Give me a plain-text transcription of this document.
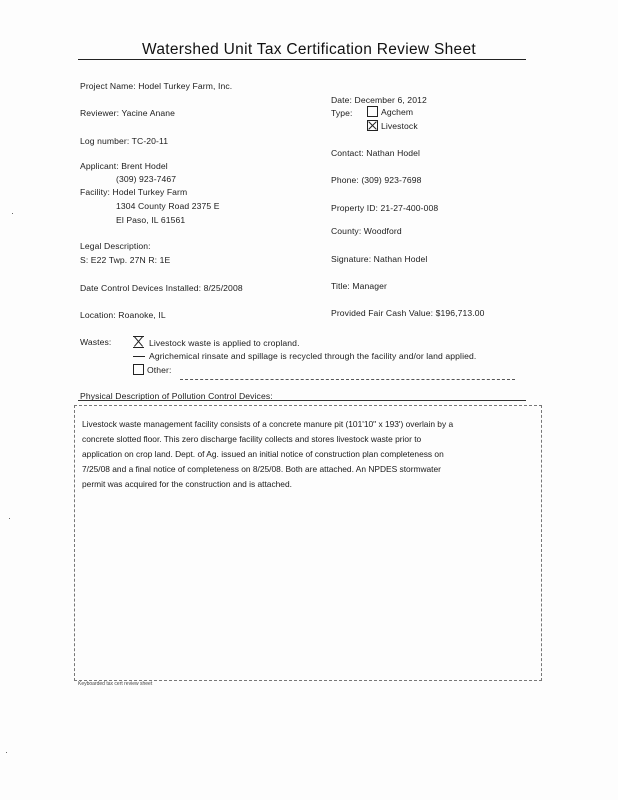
Watershed Unit Tax Certification Review Sheet
Project Name: Hodel Turkey Farm, Inc.
Reviewer: Yacine Anane
Log number: TC-20-11
Applicant: Brent Hodel
(309) 923-7467
Facility: Hodel Turkey Farm
1304 County Road 2375 E
El Paso, IL 61561
Legal Description:
S: E22 Twp. 27N R: 1E
Date Control Devices Installed: 8/25/2008
Location: Roanoke, IL
Date: December 6, 2012
Type:	Agchem
Livestock
Contact: Nathan Hodel
Phone: (309) 923-7698
Property ID: 21-27-400-008
County: Woodford
Signature: Nathan Hodel
Title: Manager
Provided Fair Cash Value: $196,713.00
Wastes:	Livestock waste is applied to cropland.
Agrichemical rinsate and spillage is recycled through the facility and/or land applied.
Other:
Physical Description of Pollution Control Devices:
Livestock waste management facility consists of a concrete manure pit (101'10" x 193') overlain by a
concrete slotted floor. This zero discharge facility collects and stores livestock waste prior to
application on crop land. Dept. of Ag. issued an initial notice of construction plan completeness on
7/25/08 and a final notice of completeness on 8/25/08. Both are attached. An NPDES stormwater
permit was acquired for the construction and is attached.
Keyboarded tax cert review sheet
